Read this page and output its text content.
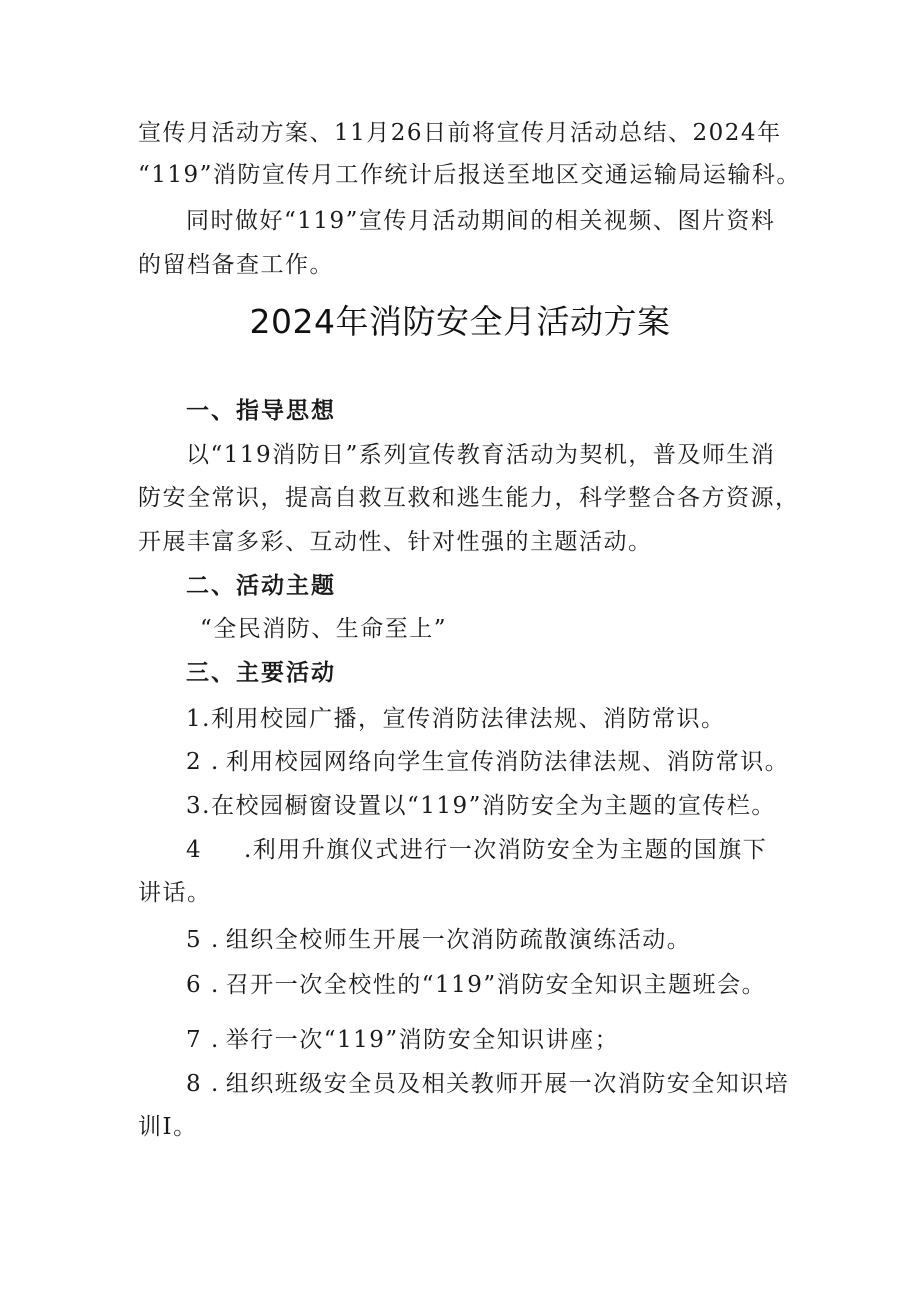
宣传月活动方案、11月26日前将宣传月活动总结、2024年
“119”消防宣传月工作统计后报送至地区交通运输局运输科。
同时做好“119”宣传月活动期间的相关视频、图片资料
的留档备查工作。
2024年消防安全月活动方案
一、指导思想
以“119消防日”系列宣传教育活动为契机，普及师生消
防安全常识，提高自救互救和逃生能力，科学整合各方资源，
开展丰富多彩、互动性、针对性强的主题活动。
二、活动主题
“全民消防、生命至上”
三、主要活动
1.利用校园广播，宣传消防法律法规、消防常识。
2 . 利用校园网络向学生宣传消防法律法规、消防常识。
3.在校园橱窗设置以“119”消防安全为主题的宣传栏。
4 .利用升旗仪式进行一次消防安全为主题的国旗下
讲话。
5 . 组织全校师生开展一次消防疏散演练活动。
6 . 召开一次全校性的“119”消防安全知识主题班会。
7 . 举行一次“119”消防安全知识讲座；
8 . 组织班级安全员及相关教师开展一次消防安全知识培
训I。
